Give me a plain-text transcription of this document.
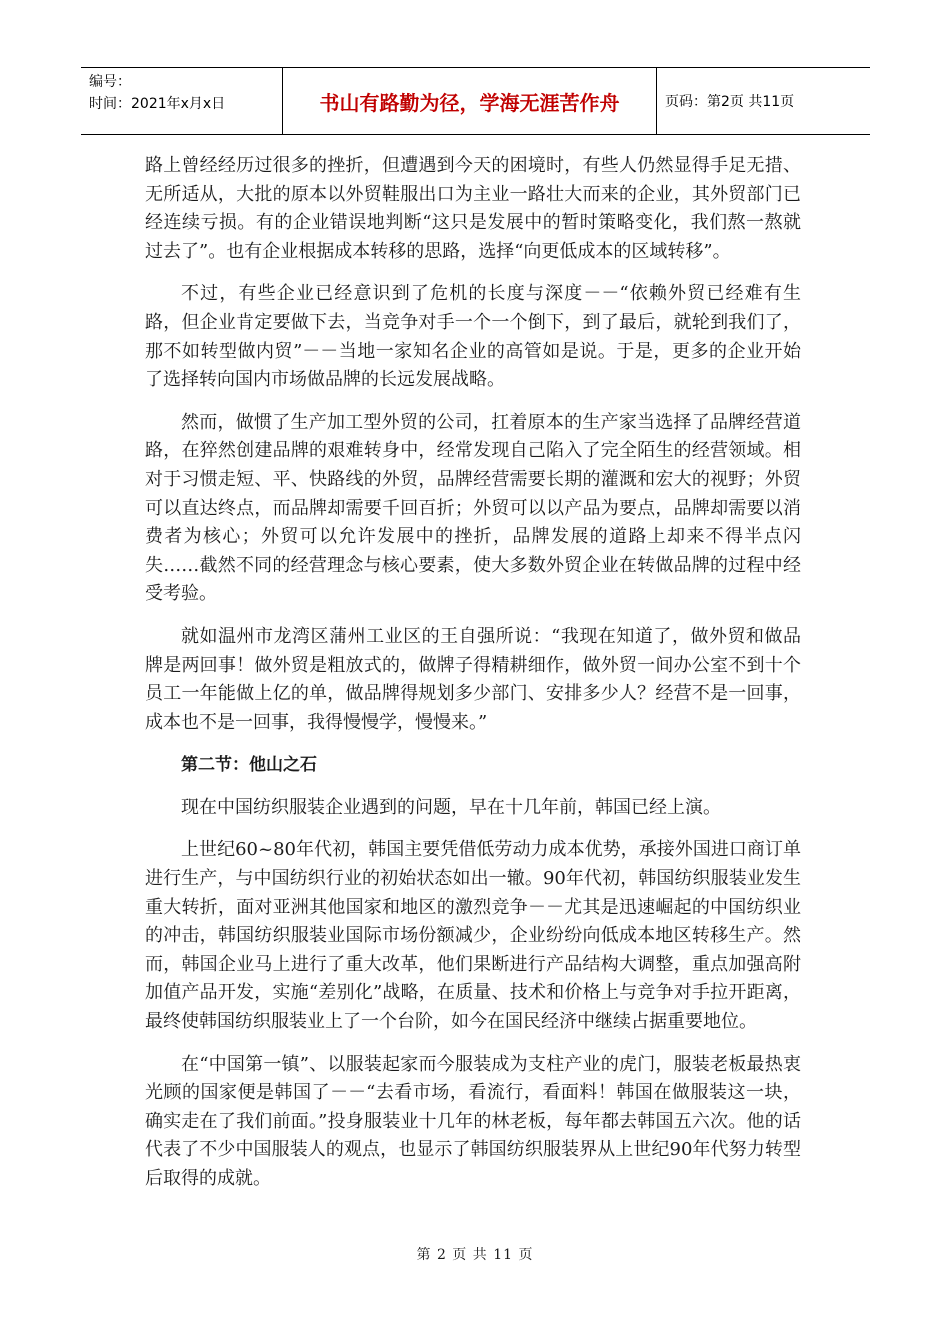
编号：
时间：2021年x月x日	书山有路勤为径，学海无涯苦作舟	页码：第2页 共11页

路上曾经经历过很多的挫折，但遭遇到今天的困境时，有些人仍然显得手足无措、无所适从，大批的原本以外贸鞋服出口为主业一路壮大而来的企业，其外贸部门已经连续亏损。有的企业错误地判断“这只是发展中的暂时策略变化，我们熬一熬就过去了”。也有企业根据成本转移的思路，选择“向更低成本的区域转移”。

不过，有些企业已经意识到了危机的长度与深度－－“依赖外贸已经难有生路，但企业肯定要做下去，当竞争对手一个一个倒下，到了最后，就轮到我们了，那不如转型做内贸”－－当地一家知名企业的高管如是说。于是，更多的企业开始了选择转向国内市场做品牌的长远发展战略。

然而，做惯了生产加工型外贸的公司，扛着原本的生产家当选择了品牌经营道路，在猝然创建品牌的艰难转身中，经常发现自己陷入了完全陌生的经营领域。相对于习惯走短、平、快路线的外贸，品牌经营需要长期的灌溉和宏大的视野；外贸可以直达终点，而品牌却需要千回百折；外贸可以以产品为要点，品牌却需要以消费者为核心；外贸可以允许发展中的挫折，品牌发展的道路上却来不得半点闪失……截然不同的经营理念与核心要素，使大多数外贸企业在转做品牌的过程中经受考验。

就如温州市龙湾区蒲州工业区的王自强所说：“我现在知道了，做外贸和做品牌是两回事！做外贸是粗放式的，做牌子得精耕细作，做外贸一间办公室不到十个员工一年能做上亿的单，做品牌得规划多少部门、安排多少人？经营不是一回事，成本也不是一回事，我得慢慢学，慢慢来。”

第二节：他山之石

现在中国纺织服装企业遇到的问题，早在十几年前，韩国已经上演。

上世纪60~80年代初，韩国主要凭借低劳动力成本优势，承接外国进口商订单进行生产，与中国纺织行业的初始状态如出一辙。90年代初，韩国纺织服装业发生重大转折，面对亚洲其他国家和地区的激烈竞争－－尤其是迅速崛起的中国纺织业的冲击，韩国纺织服装业国际市场份额减少，企业纷纷向低成本地区转移生产。然而，韩国企业马上进行了重大改革，他们果断进行产品结构大调整，重点加强高附加值产品开发，实施“差别化”战略，在质量、技术和价格上与竞争对手拉开距离，最终使韩国纺织服装业上了一个台阶，如今在国民经济中继续占据重要地位。

在“中国第一镇”、以服装起家而今服装成为支柱产业的虎门，服装老板最热衷光顾的国家便是韩国了－－“去看市场，看流行，看面料！韩国在做服装这一块，确实走在了我们前面。”投身服装业十几年的林老板，每年都去韩国五六次。他的话代表了不少中国服装人的观点，也显示了韩国纺织服装界从上世纪90年代努力转型后取得的成就。

第 2 页 共 11 页
